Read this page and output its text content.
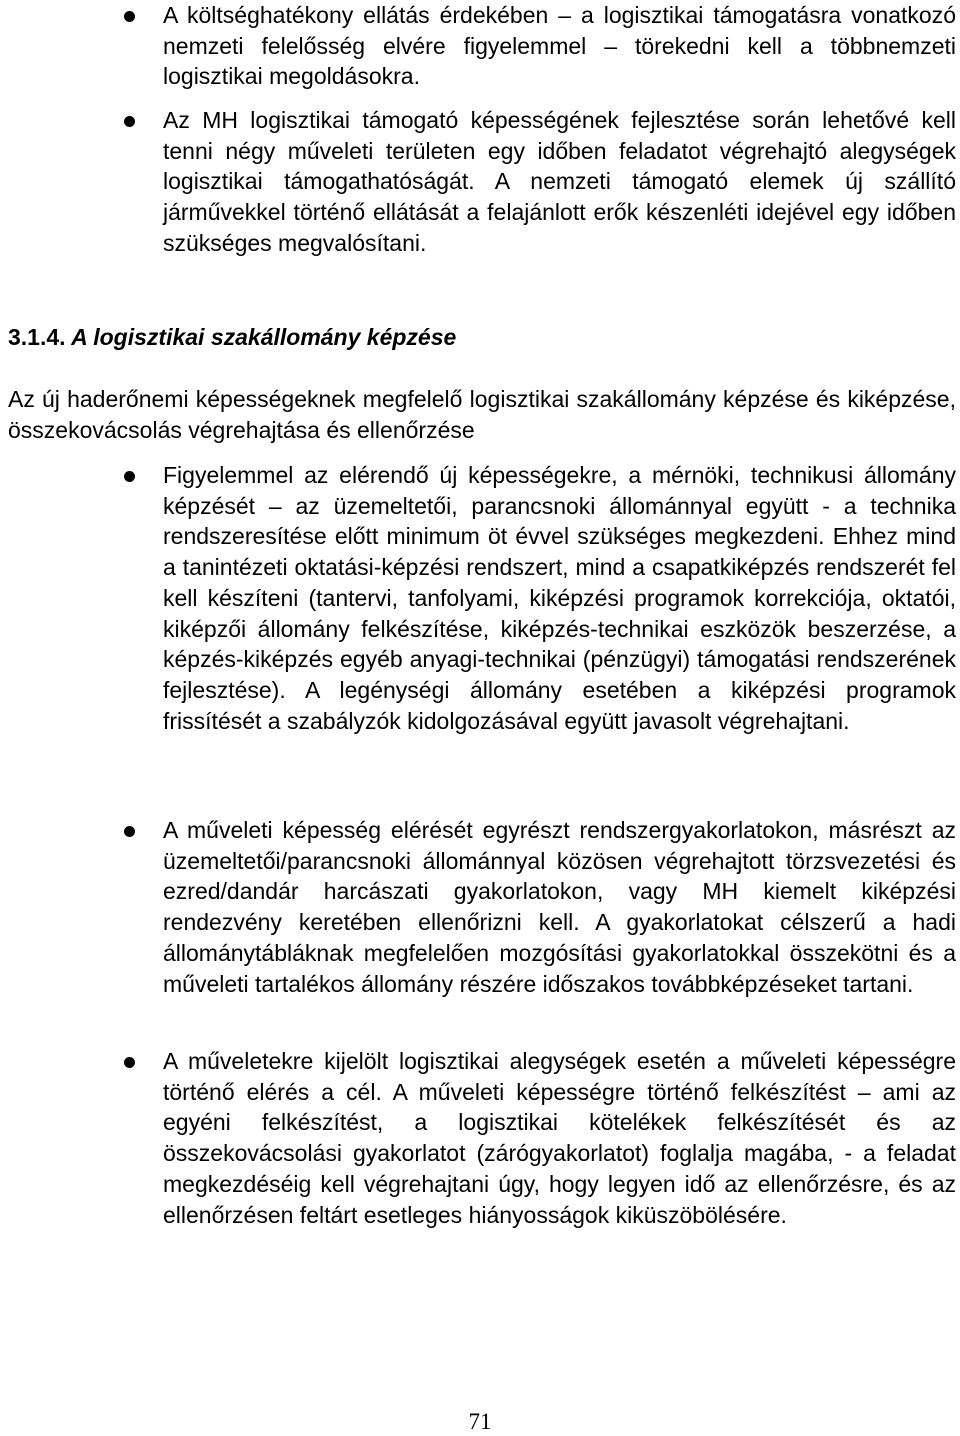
A költséghatékony ellátás érdekében – a logisztikai támogatásra vonatkozó nemzeti felelősség elvére figyelemmel – törekedni kell a többnemzeti logisztikai megoldásokra.

Az MH logisztikai támogató képességének fejlesztése során lehetővé kell tenni négy műveleti területen egy időben feladatot végrehajtó alegységek logisztikai támogathatóságát. A nemzeti támogató elemek új szállító járművekkel történő ellátását a felajánlott erők készenléti idejével egy időben szükséges megvalósítani.

3.1.4. A logisztikai szakállomány képzése

Az új haderőnemi képességeknek megfelelő logisztikai szakállomány képzése és kiképzése, összekovácsolás végrehajtása és ellenőrzése

Figyelemmel az elérendő új képességekre, a mérnöki, technikusi állomány képzését – az üzemeltetői, parancsnoki állománnyal együtt - a technika rendszeresítése előtt minimum öt évvel szükséges megkezdeni. Ehhez mind a tanintézeti oktatási-képzési rendszert, mind a csapatkiképzés rendszerét fel kell készíteni (tantervi, tanfolyami, kiképzési programok korrekciója, oktatói, kiképzői állomány felkészítése, kiképzés-technikai eszközök beszerzése, a képzés-kiképzés egyéb anyagi-technikai (pénzügyi) támogatási rendszerének fejlesztése). A legénységi állomány esetében a kiképzési programok frissítését a szabályzók kidolgozásával együtt javasolt végrehajtani.

A műveleti képesség elérését egyrészt rendszergyakorlatokon, másrészt az üzemeltetői/parancsnoki állománnyal közösen végrehajtott törzsvezetési és ezred/dandár harcászati gyakorlatokon, vagy MH kiemelt kiképzési rendezvény keretében ellenőrizni kell. A gyakorlatokat célszerű a hadi állománytábláknak megfelelően mozgósítási gyakorlatokkal összekötni és a műveleti tartalékos állomány részére időszakos továbbképzéseket tartani.

A műveletekre kijelölt logisztikai alegységek esetén a műveleti képességre történő elérés a cél. A műveleti képességre történő felkészítést – ami az egyéni felkészítést, a logisztikai kötelékek felkészítését és az összekovácsolási gyakorlatot (zárógyakorlatot) foglalja magába, - a feladat megkezdéséig kell végrehajtani úgy, hogy legyen idő az ellenőrzésre, és az ellenőrzésen feltárt esetleges hiányosságok kiküszöbölésére.

71
